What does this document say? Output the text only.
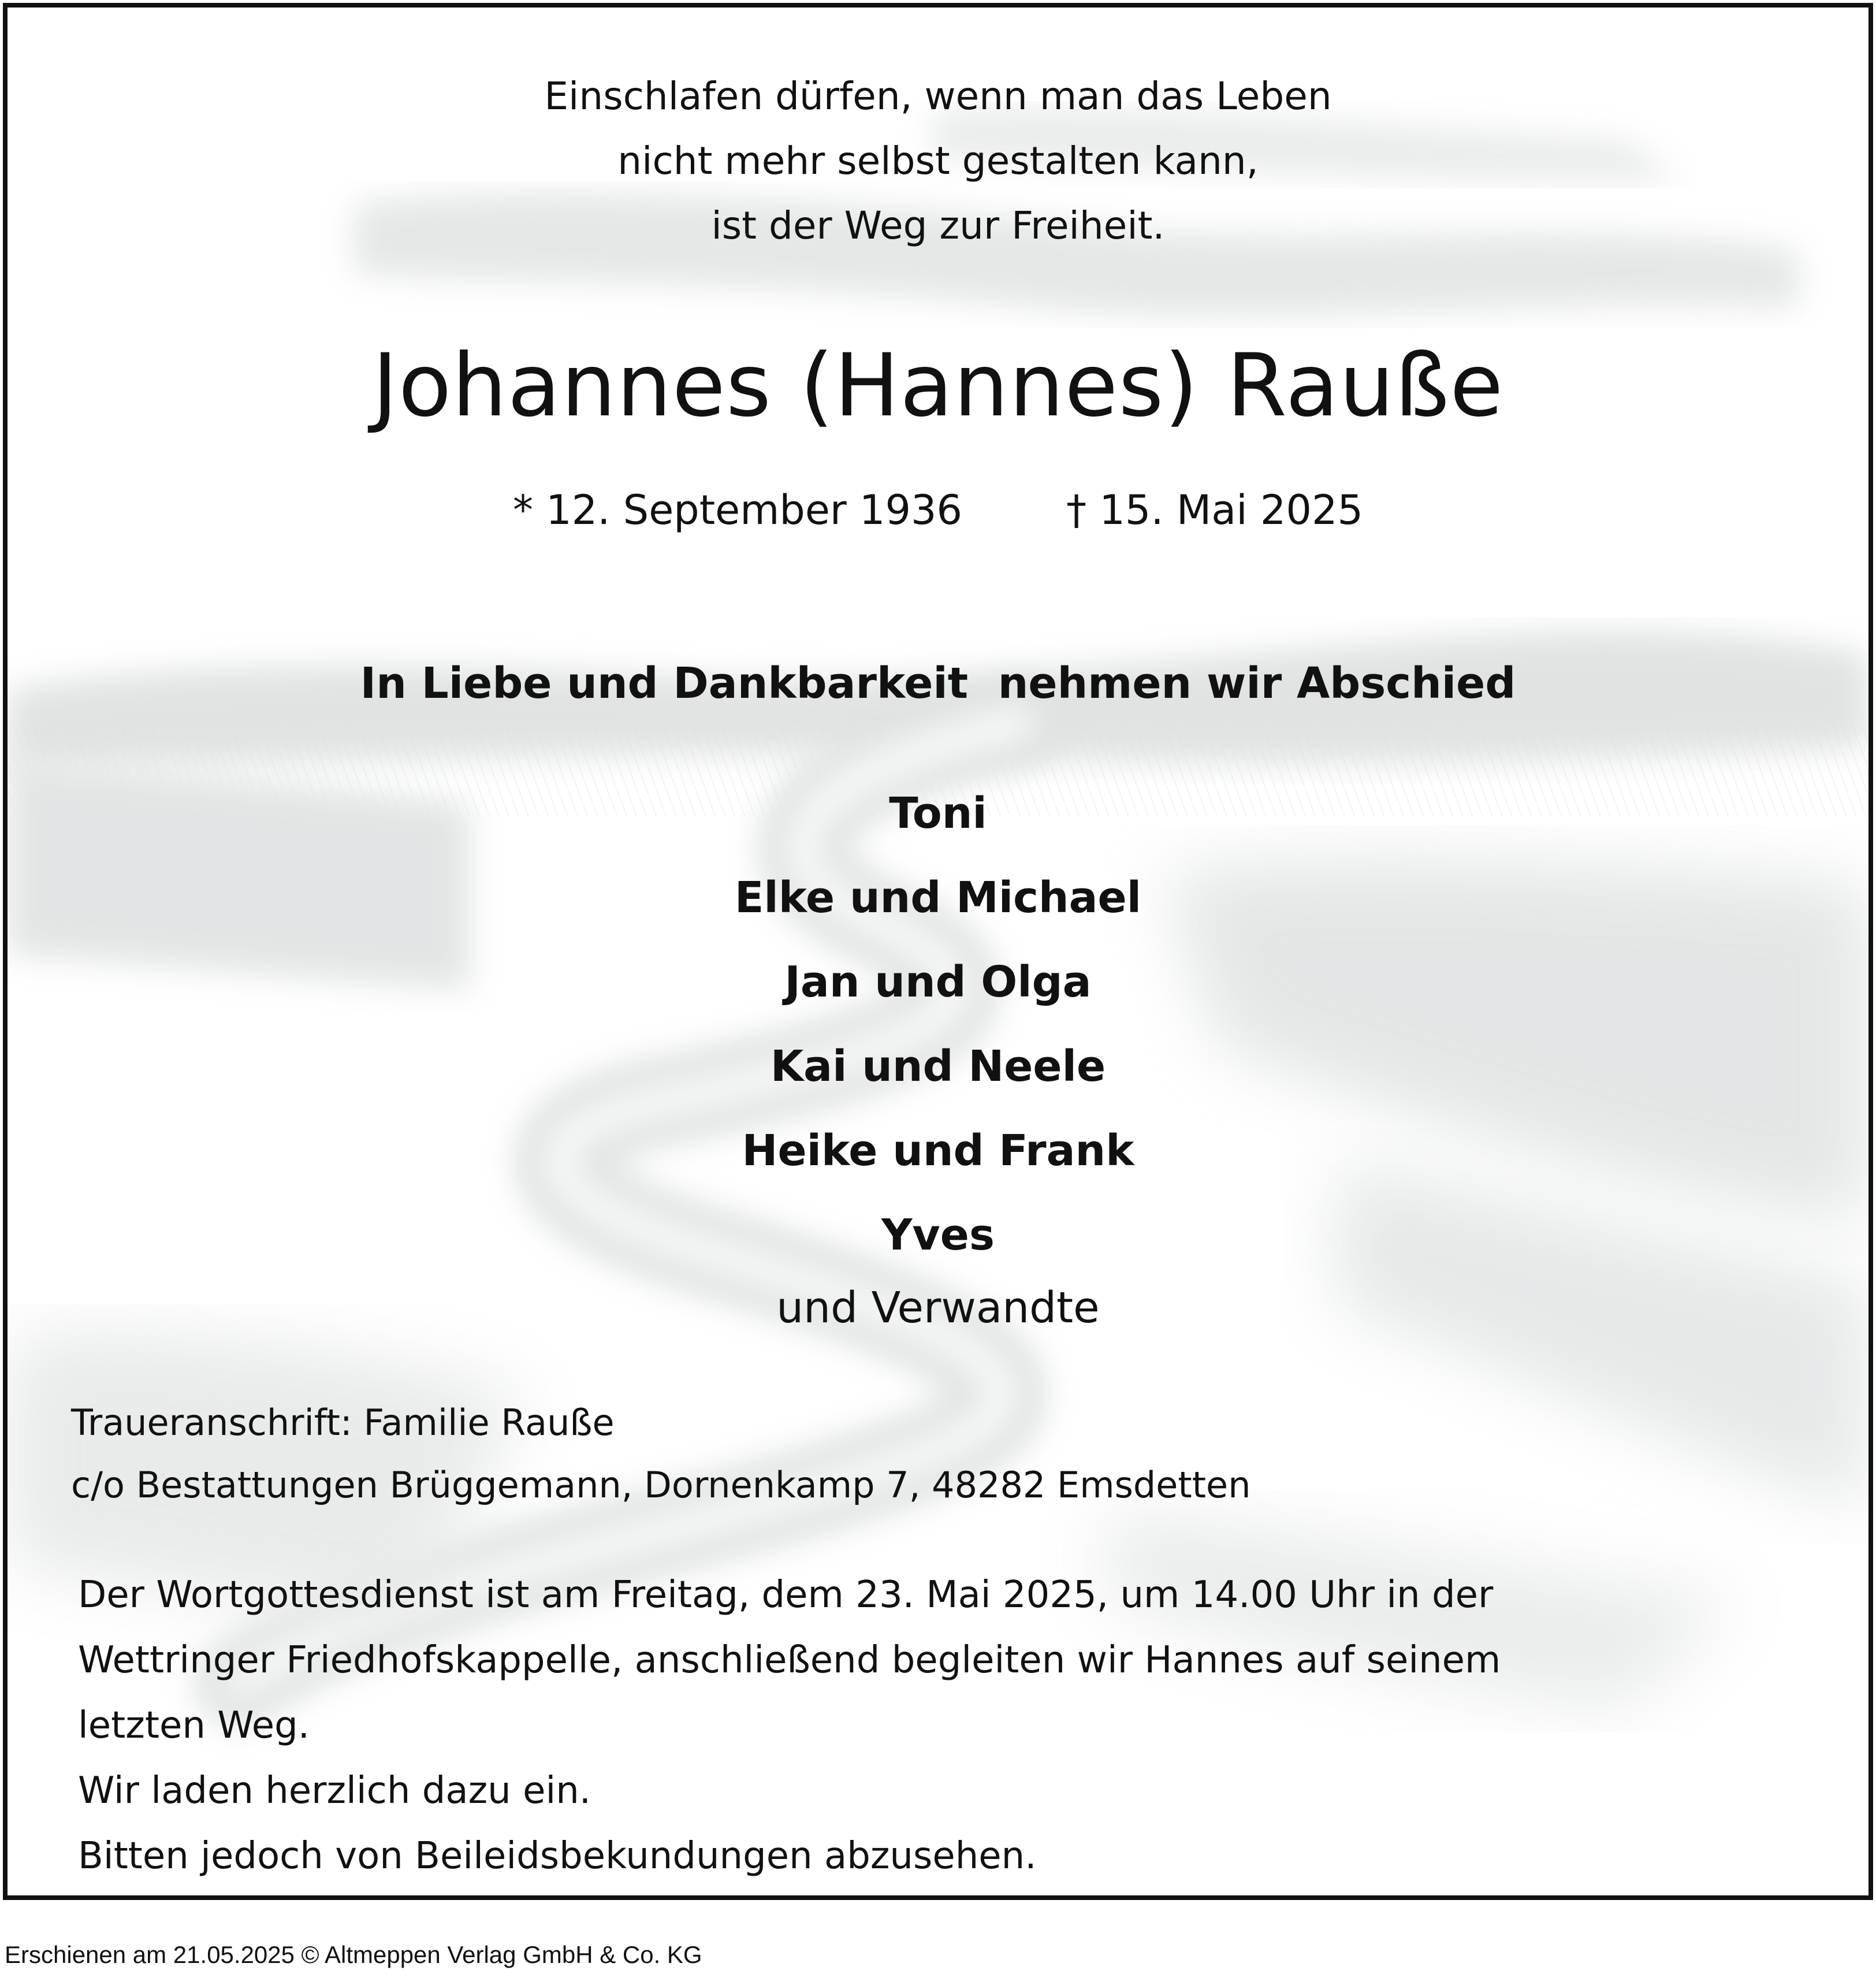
Einschlafen dürfen, wenn man das Leben
nicht mehr selbst gestalten kann,
ist der Weg zur Freiheit.
Johannes (Hannes) Rauße
* 12. September 1936	† 15. Mai 2025
In Liebe und Dankbarkeit  nehmen wir Abschied
Toni
Elke und Michael
Jan und Olga
Kai und Neele
Heike und Frank
Yves
und Verwandte
Traueranschrift: Familie Rauße
c/o Bestattungen Brüggemann, Dornenkamp 7, 48282 Emsdetten
Der Wortgottesdienst ist am Freitag, dem 23. Mai 2025, um 14.00 Uhr in der
Wettringer Friedhofskappelle, anschließend begleiten wir Hannes auf seinem
letzten Weg.
Wir laden herzlich dazu ein.
Bitten jedoch von Beileidsbekundungen abzusehen.
Erschienen am 21.05.2025 © Altmeppen Verlag GmbH & Co. KG
